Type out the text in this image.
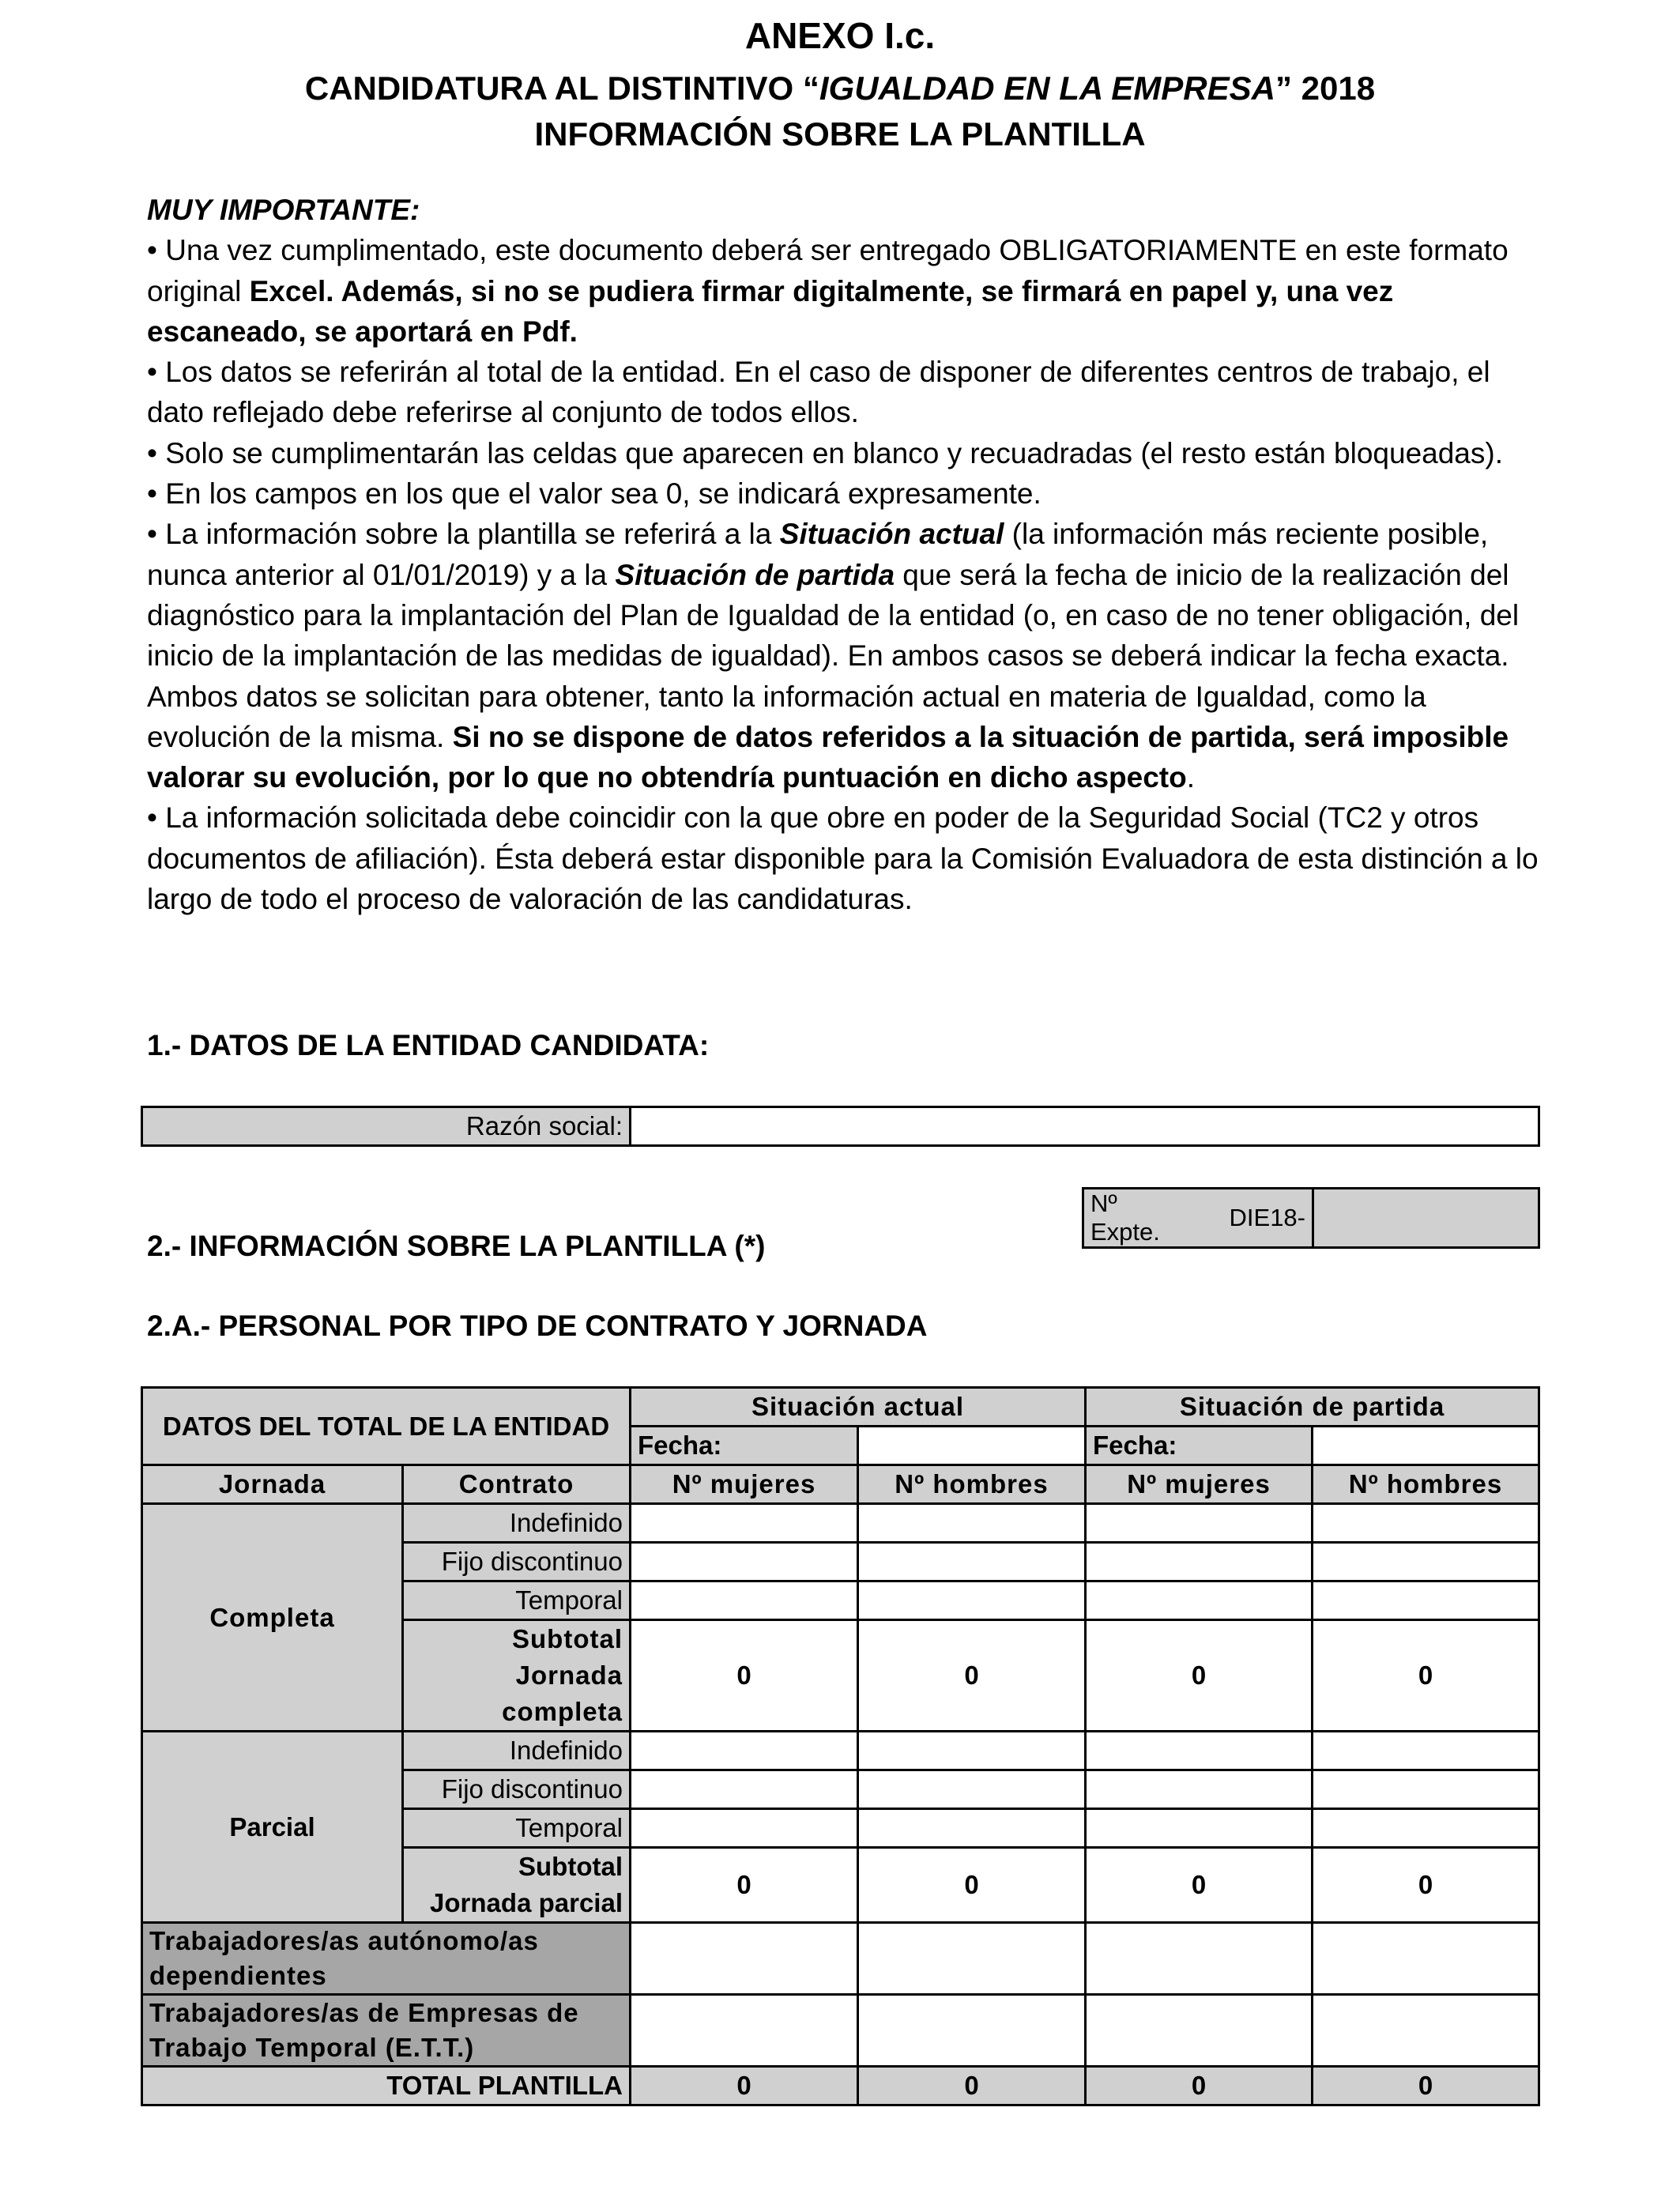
ANEXO I.c.
CANDIDATURA AL DISTINTIVO “IGUALDAD EN LA EMPRESA” 2018
INFORMACIÓN SOBRE LA PLANTILLA

MUY IMPORTANTE:

• Una vez cumplimentado, este documento deberá ser entregado OBLIGATORIAMENTE en este formato original Excel. Además, si no se pudiera firmar digitalmente, se firmará en papel y, una vez escaneado, se aportará en Pdf.

• Los datos se referirán al total de la entidad. En el caso de disponer de diferentes centros de trabajo, el dato reflejado debe referirse al conjunto de todos ellos.

• Solo se cumplimentarán las celdas que aparecen en blanco y recuadradas (el resto están bloqueadas).

• En los campos en los que el valor sea 0, se indicará expresamente.

• La información sobre la plantilla se referirá a la Situación actual (la información más reciente posible, nunca anterior al 01/01/2019) y a la Situación de partida que será la fecha de inicio de la realización del diagnóstico para la implantación del Plan de Igualdad de la entidad (o, en caso de no tener obligación, del inicio de la implantación de las medidas de igualdad). En ambos casos se deberá indicar la fecha exacta. Ambos datos se solicitan para obtener, tanto la información actual en materia de Igualdad, como la evolución de la misma. Si no se dispone de datos referidos a la situación de partida, será imposible valorar su evolución, por lo que no obtendría puntuación en dicho aspecto.

• La información solicitada debe coincidir con la que obre en poder de la Seguridad Social (TC2 y otros documentos de afiliación). Ésta deberá estar disponible para la Comisión Evaluadora de esta distinción a lo largo de todo el proceso de valoración de las candidaturas.

1.- DATOS DE LA ENTIDAD CANDIDATA:
Razón social:	
Nº Expte.	DIE18-	
2.- INFORMACIÓN SOBRE LA PLANTILLA (*)
2.A.- PERSONAL POR TIPO DE CONTRATO Y JORNADA
DATOS DEL TOTAL DE LA ENTIDAD		Situación actual		Situación de partida	
		Fecha:		Fecha:	
Jornada	Contrato	Nº mujeres	Nº hombres	Nº mujeres	Nº hombres
Completa	Indefinido				
	Fijo discontinuo				
	Temporal				
	Subtotal Jornada completa	0	0	0	0
Parcial	Indefinido				
	Fijo discontinuo				
	Temporal				
	Subtotal Jornada parcial	0	0	0	0
Trabajadores/as autónomo/as dependientes					
Trabajadores/as de Empresas de Trabajo Temporal (E.T.T.)					
TOTAL PLANTILLA		0	0	0	0
